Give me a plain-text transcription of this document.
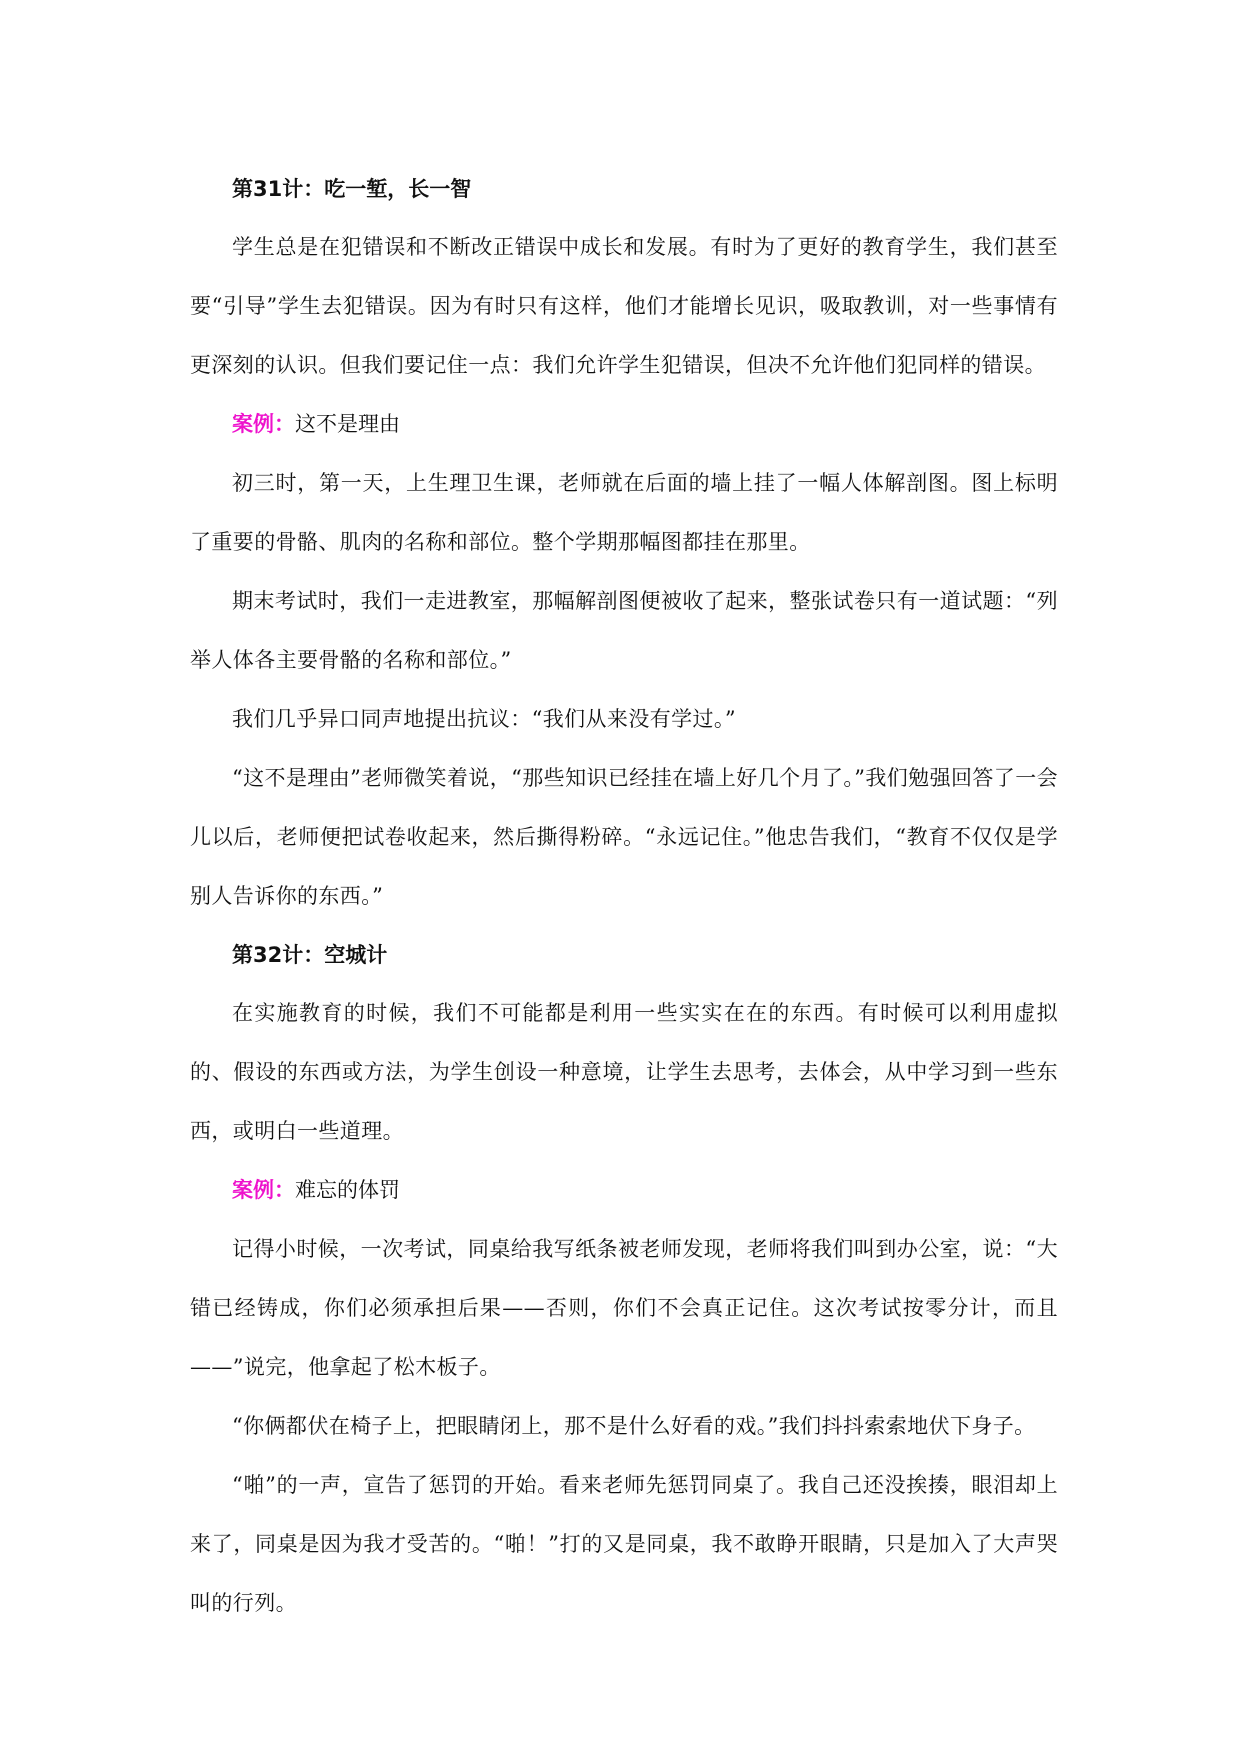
第31计：吃一堑，长一智

学生总是在犯错误和不断改正错误中成长和发展。有时为了更好的教育学生，我们甚至要“引导”学生去犯错误。因为有时只有这样，他们才能增长见识，吸取教训，对一些事情有更深刻的认识。但我们要记住一点：我们允许学生犯错误，但决不允许他们犯同样的错误。

案例：这不是理由

初三时，第一天，上生理卫生课，老师就在后面的墙上挂了一幅人体解剖图。图上标明了重要的骨骼、肌肉的名称和部位。整个学期那幅图都挂在那里。

期末考试时，我们一走进教室，那幅解剖图便被收了起来，整张试卷只有一道试题：“列举人体各主要骨骼的名称和部位。”

我们几乎异口同声地提出抗议：“我们从来没有学过。”

“这不是理由”老师微笑着说，“那些知识已经挂在墙上好几个月了。”我们勉强回答了一会儿以后，老师便把试卷收起来，然后撕得粉碎。“永远记住。”他忠告我们，“教育不仅仅是学别人告诉你的东西。”

第32计：空城计

在实施教育的时候，我们不可能都是利用一些实实在在的东西。有时候可以利用虚拟的、假设的东西或方法，为学生创设一种意境，让学生去思考，去体会，从中学习到一些东西，或明白一些道理。

案例：难忘的体罚

记得小时候，一次考试，同桌给我写纸条被老师发现，老师将我们叫到办公室，说：“大错已经铸成，你们必须承担后果——否则，你们不会真正记住。这次考试按零分计，而且——”说完，他拿起了松木板子。

“你俩都伏在椅子上，把眼睛闭上，那不是什么好看的戏。”我们抖抖索索地伏下身子。

“啪”的一声，宣告了惩罚的开始。看来老师先惩罚同桌了。我自己还没挨揍，眼泪却上来了，同桌是因为我才受苦的。“啪！”打的又是同桌，我不敢睁开眼睛，只是加入了大声哭叫的行列。
